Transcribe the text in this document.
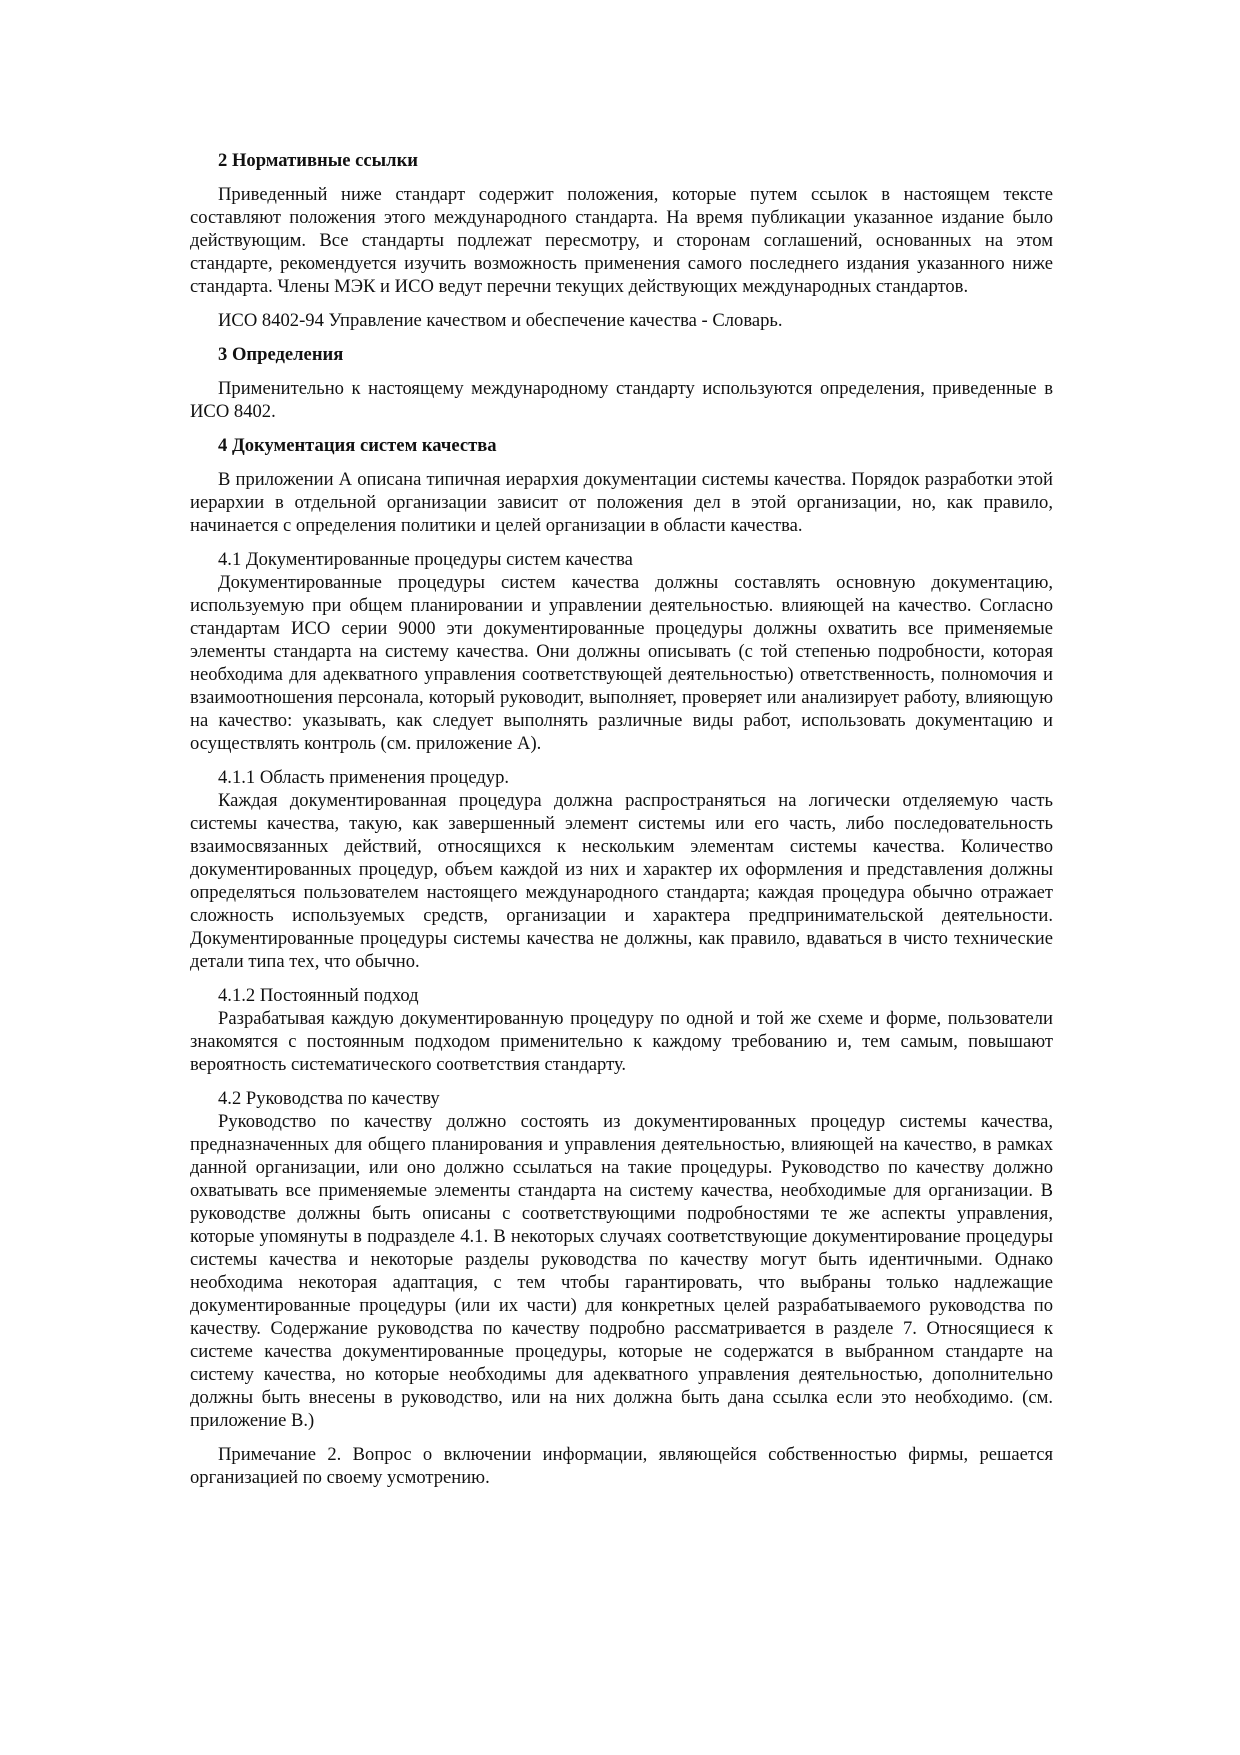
2 Нормативные ссылки

Приведенный ниже стандарт содержит положения, которые путем ссылок в настоящем тексте составляют положения этого международного стандарта. На время публикации указанное издание было действующим. Все стандарты подлежат пересмотру, и сторонам соглашений, основанных на этом стандарте, рекомендуется изучить возможность применения самого последнего издания указанного ниже стандарта. Члены МЭК и ИСО ведут перечни текущих действующих международных стандартов.

ИСО 8402-94 Управление качеством и обеспечение качества - Словарь.

3 Определения

Применительно к настоящему международному стандарту используются определения, приведенные в ИСО 8402.

4 Документация систем качества

В приложении А описана типичная иерархия документации системы качества. Порядок разработки этой иерархии в отдельной организации зависит от положения дел в этой организации, но, как правило, начинается с определения политики и целей организации в области качества.

4.1 Документированные процедуры систем качества

Документированные процедуры систем качества должны составлять основную документацию, используемую при общем планировании и управлении деятельностью. влияющей на качество. Согласно стандартам ИСО серии 9000 эти документированные процедуры должны охватить все применяемые элементы стандарта на систему качества. Они должны описывать (с той степенью подробности, которая необходима для адекватного управления соответствующей деятельностью) ответственность, полномочия и взаимоотношения персонала, который руководит, выполняет, проверяет или анализирует работу, влияющую на качество: указывать, как следует выполнять различные виды работ, использовать документацию и осуществлять контроль (см. приложение А).

4.1.1 Область применения процедур.

Каждая документированная процедура должна распространяться на логически отделяемую часть системы качества, такую, как завершенный элемент системы или его часть, либо последовательность взаимосвязанных действий, относящихся к нескольким элементам системы качества. Количество документированных процедур, объем каждой из них и характер их оформления и представления должны определяться пользователем настоящего международного стандарта; каждая процедура обычно отражает сложность используемых средств, организации и характера предпринимательской деятельности. Документированные процедуры системы качества не должны, как правило, вдаваться в чисто технические детали типа тех, что обычно.

4.1.2 Постоянный подход

Разрабатывая каждую документированную процедуру по одной и той же схеме и форме, пользователи знакомятся с постоянным подходом применительно к каждому требованию и, тем самым, повышают вероятность систематического соответствия стандарту.

4.2 Руководства по качеству

Руководство по качеству должно состоять из документированных процедур системы качества, предназначенных для общего планирования и управления деятельностью, влияющей на качество, в рамках данной организации, или оно должно ссылаться на такие процедуры. Руководство по качеству должно охватывать все применяемые элементы стандарта на систему качества, необходимые для организации. В руководстве должны быть описаны с соответствующими подробностями те же аспекты управления, которые упомянуты в подразделе 4.1. В некоторых случаях соответствующие документирование процедуры системы качества и некоторые разделы руководства по качеству могут быть идентичными. Однако необходима некоторая адаптация, с тем чтобы гарантировать, что выбраны только надлежащие документированные процедуры (или их части) для конкретных целей разрабатываемого руководства по качеству. Содержание руководства по качеству подробно рассматривается в разделе 7. Относящиеся к системе качества документированные процедуры, которые не содержатся в выбранном стандарте на систему качества, но которые необходимы для адекватного управления деятельностью, дополнительно должны быть внесены в руководство, или на них должна быть дана ссылка если это необходимо. (см. приложение В.)

Примечание 2. Вопрос о включении информации, являющейся собственностью фирмы, решается организацией по своему усмотрению.
